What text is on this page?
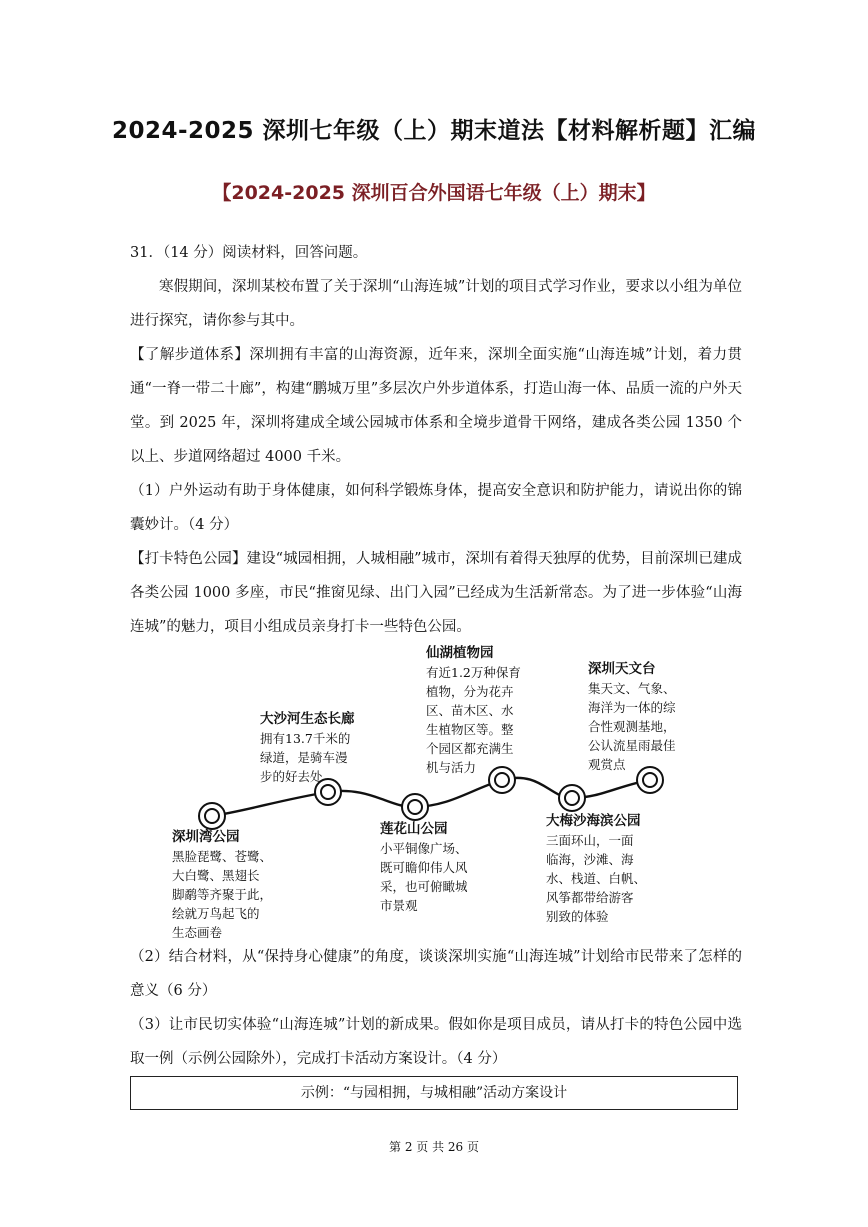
2024-2025 深圳七年级（上）期末道法【材料解析题】汇编
【2024-2025 深圳百合外国语七年级（上）期末】

31．（14 分）阅读材料，回答问题。

寒假期间，深圳某校布置了关于深圳“山海连城”计划的项目式学习作业，要求以小组为单位进行探究，请你参与其中。

【了解步道体系】深圳拥有丰富的山海资源，近年来，深圳全面实施“山海连城”计划，着力贯通“一脊一带二十廊”，构建“鹏城万里”多层次户外步道体系，打造山海一体、品质一流的户外天堂。到 2025 年，深圳将建成全域公园城市体系和全境步道骨干网络，建成各类公园 1350 个以上、步道网络超过 4000 千米。

（1）户外运动有助于身体健康，如何科学锻炼身体，提高安全意识和防护能力，请说出你的锦囊妙计。（4 分）

【打卡特色公园】建设“城园相拥，人城相融”城市，深圳有着得天独厚的优势，目前深圳已建成各类公园 1000 多座，市民“推窗见绿、出门入园”已经成为生活新常态。为了进一步体验“山海连城”的魅力，项目小组成员亲身打卡一些特色公园。

深圳湾公园
黑脸琵鹭、苍鹭、
大白鹭、黑翅长
脚鹬等齐聚于此，
绘就万鸟起飞的
生态画卷
大沙河生态长廊
拥有13.7千米的
绿道，是骑车漫
步的好去处
莲花山公园
小平铜像广场、
既可瞻仰伟人风
采，也可俯瞰城
市景观
仙湖植物园
有近1.2万种保育
植物，分为花卉
区、苗木区、水
生植物区等。整
个园区都充满生
机与活力
大梅沙海滨公园
三面环山，一面
临海，沙滩、海
水、栈道、白帆、
风筝都带给游客
别致的体验
深圳天文台
集天文、气象、
海洋为一体的综
合性观测基地，
公认流星雨最佳
观赏点

（2）结合材料，从“保持身心健康”的角度，谈谈深圳实施“山海连城”计划给市民带来了怎样的意义（6 分）

（3）让市民切实体验“山海连城”计划的新成果。假如你是项目成员，请从打卡的特色公园中选取一例（示例公园除外），完成打卡活动方案设计。（4 分）

示例：“与园相拥，与城相融”活动方案设计
第 2 页 共 26 页
